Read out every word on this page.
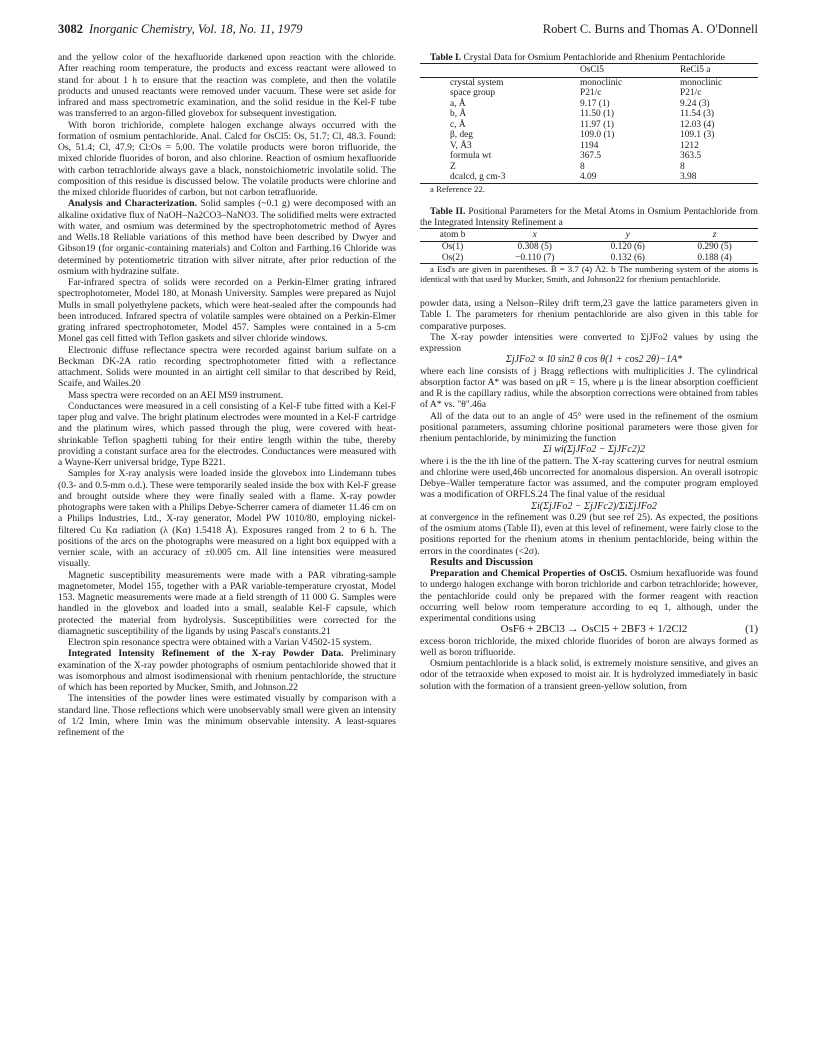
3082 Inorganic Chemistry, Vol. 18, No. 11, 1979	Robert C. Burns and Thomas A. O'Donnell

and the yellow color of the hexafluoride darkened upon reaction with the chloride. After reaching room temperature, the products and excess reactant were allowed to stand for about 1 h to ensure that the reaction was complete, and then the volatile products and unused reactants were removed under vacuum. These were set aside for infrared and mass spectrometric examination, and the solid residue in the Kel-F tube was transferred to an argon-filled glovebox for subsequent investigation.

With boron trichloride, complete halogen exchange always occurred with the formation of osmium pentachloride. Anal. Calcd for OsCl5: Os, 51.7; Cl, 48.3. Found: Os, 51.4; Cl, 47.9; Cl:Os = 5.00. The volatile products were boron trifluoride, the mixed chloride fluorides of boron, and also chlorine. Reaction of osmium hexafluoride with carbon tetrachloride always gave a black, nonstoichiometric involatile solid. The composition of this residue is discussed below. The volatile products were chlorine and the mixed chloride fluorides of carbon, but not carbon tetrafluoride.

Analysis and Characterization. Solid samples (~0.1 g) were decomposed with an alkaline oxidative flux of NaOH–Na2CO3–NaNO3. The solidified melts were extracted with water, and osmium was determined by the spectrophotometric method of Ayres and Wells.18 Reliable variations of this method have been described by Dwyer and Gibson19 (for organic-containing materials) and Colton and Farthing.16 Chloride was determined by potentiometric titration with silver nitrate, after prior reduction of the osmium with hydrazine sulfate.

Far-infrared spectra of solids were recorded on a Perkin-Elmer grating infrared spectrophotometer, Model 180, at Monash University. Samples were prepared as Nujol Mulls in small polyethylene packets, which were heat-sealed after the compounds had been introduced. Infrared spectra of volatile samples were obtained on a Perkin-Elmer grating infrared spectrophotometer, Model 457. Samples were contained in a 5-cm Monel gas cell fitted with Teflon gaskets and silver chloride windows.

Electronic diffuse reflectance spectra were recorded against barium sulfate on a Beckman DK-2A ratio recording spectrophotometer fitted with a reflectance attachment. Solids were mounted in an airtight cell similar to that described by Reid, Scaife, and Wailes.20

Mass spectra were recorded on an AEI MS9 instrument.

Conductances were measured in a cell consisting of a Kel-F tube fitted with a Kel-F taper plug and valve. The bright platinum electrodes were mounted in a Kel-F cartridge and the platinum wires, which passed through the plug, were covered with heat-shrinkable Teflon spaghetti tubing for their entire length within the tube, thereby providing a constant surface area for the electrodes. Conductances were measured with a Wayne-Kerr universal bridge, Type B221.

Samples for X-ray analysis were loaded inside the glovebox into Lindemann tubes (0.3- and 0.5-mm o.d.). These were temporarily sealed inside the box with Kel-F grease and brought outside where they were finally sealed with a flame. X-ray powder photographs were taken with a Philips Debye-Scherrer camera of diameter 11.46 cm on a Philips Industries, Ltd., X-ray generator, Model PW 1010/80, employing nickel-filtered Cu Kα radiation (λ (Kα) 1.5418 Å). Exposures ranged from 2 to 6 h. The positions of the arcs on the photographs were measured on a light box equipped with a vernier scale, with an accuracy of ±0.005 cm. All line intensities were measured visually.

Magnetic susceptibility measurements were made with a PAR vibrating-sample magnetometer, Model 155, together with a PAR variable-temperature cryostat, Model 153. Magnetic measurements were made at a field strength of 11 000 G. Samples were handled in the glovebox and loaded into a small, sealable Kel-F capsule, which protected the material from hydrolysis. Susceptibilities were corrected for the diamagnetic susceptibility of the ligands by using Pascal's constants.21

Electron spin resonance spectra were obtained with a Varian V4502-15 system.

Integrated Intensity Refinement of the X-ray Powder Data. Preliminary examination of the X-ray powder photographs of osmium pentachloride showed that it was isomorphous and almost isodimensional with rhenium pentachloride, the structure of which has been reported by Mucker, Smith, and Johnson.22

The intensities of the powder lines were estimated visually by comparison with a standard line. Those reflections which were unobservably small were given an intensity of 1/2 Imin, where Imin was the minimum observable intensity. A least-squares refinement of the

Table I. Crystal Data for Osmium Pentachloride and Rhenium Pentachloride

	OsCl5	ReCl5 a
crystal system	monoclinic	monoclinic
space group	P21/c	P21/c
a, Å	9.17 (1)	9.24 (3)
b, Å	11.50 (1)	11.54 (3)
c, Å	11.97 (1)	12.03 (4)
β, deg	109.0 (1)	109.1 (3)
V, Å3	1194	1212
formula wt	367.5	363.5
Z	8	8
dcalcd, g cm-3	4.09	3.98

a Reference 22.

Table II. Positional Parameters for the Metal Atoms in Osmium Pentachloride from the Integrated Intensity Refinement a

atom b	x	y	z
Os(1)	0.308 (5)	0.120 (6)	0.290 (5)
Os(2)	−0.110 (7)	0.132 (6)	0.188 (4)

a Esd's are given in parentheses. B̄ = 3.7 (4) Å2. b The numbering system of the atoms is identical with that used by Mucker, Smith, and Johnson22 for rhenium pentachloride.

powder data, using a Nelson–Riley drift term,23 gave the lattice parameters given in Table I. The parameters for rhenium pentachloride are also given in this table for comparative purposes.

The X-ray powder intensities were converted to ΣjJFo2 values by using the expression

ΣjJFo2 ∝ I0 sin2 θ cos θ(1 + cos2 2θ)−1A*

where each line consists of j Bragg reflections with multiplicities J. The cylindrical absorption factor A* was based on μR = 15, where μ is the linear absorption coefficient and R is the capillary radius, while the absorption corrections were obtained from tables of A* vs. "θ".46a

All of the data out to an angle of 45° were used in the refinement of the osmium positional parameters, assuming chlorine positional parameters were those given for rhenium pentachloride, by minimizing the function

Σi wi(ΣjJFo2 − ΣjJFc2)2

where i is the the ith line of the pattern. The X-ray scattering curves for neutral osmium and chlorine were used,46b uncorrected for anomalous dispersion. An overall isotropic Debye–Waller temperature factor was assumed, and the computer program employed was a modification of ORFLS.24 The final value of the residual

Σi(ΣjJFo2 − ΣjJFc2)/ΣiΣjJFo2

at convergence in the refinement was 0.29 (but see ref 25). As expected, the positions of the osmium atoms (Table II), even at this level of refinement, were fairly close to the positions reported for the rhenium atoms in rhenium pentachloride, being within the errors in the coordinates (<2σ).

Results and Discussion

Preparation and Chemical Properties of OsCl5. Osmium hexafluoride was found to undergo halogen exchange with boron trichloride and carbon tetrachloride; however, the pentachloride could only be prepared with the former reagent with reaction occurring well below room temperature according to eq 1, although, under the experimental conditions using

OsF6 + 2BCl3 → OsCl5 + 2BF3 + 1/2Cl2	(1)

excess boron trichloride, the mixed chloride fluorides of boron are always formed as well as boron trifluoride.

Osmium pentachloride is a black solid, is extremely moisture sensitive, and gives an odor of the tetraoxide when exposed to moist air. It is hydrolyzed immediately in basic solution with the formation of a transient green-yellow solution, from
